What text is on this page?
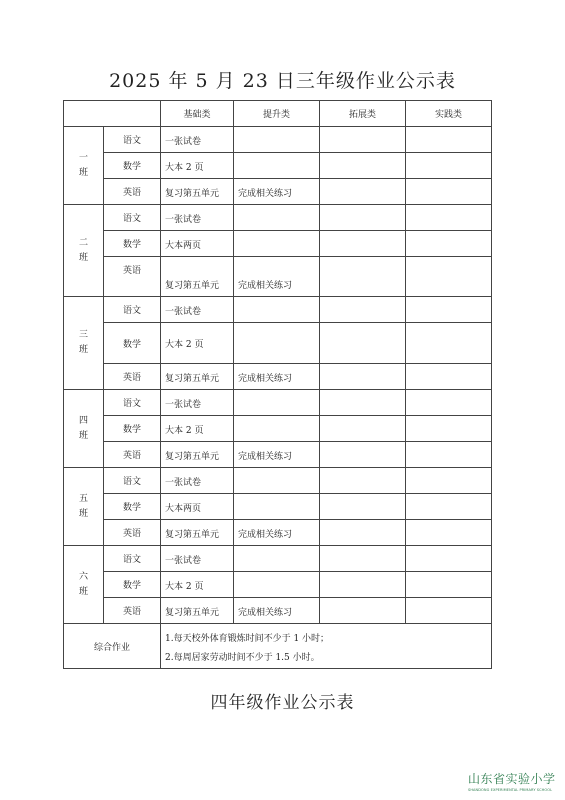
2025 年 5 月 23 日三年级作业公示表
		基础类	提升类	拓展类	实践类

一
班	语文	一张试卷			
	数学	大本 2 页			
	英语	复习第五单元	完成相关练习		

二
班	语文	一张试卷			
	数学	大本两页			
	英语	复习第五单元	完成相关练习		

三
班	语文	一张试卷			
	数学	大本 2 页			
	英语	复习第五单元	完成相关练习		

四
班	语文	一张试卷			
	数学	大本 2 页			
	英语	复习第五单元	完成相关练习		

五
班	语文	一张试卷			
	数学	大本两页			
	英语	复习第五单元	完成相关练习		

六
班	语文	一张试卷			
	数学	大本 2 页			
	英语	复习第五单元	完成相关练习		
综合作业		1.每天校外体育锻炼时间不少于 1 小时；
2.每周居家劳动时间不少于 1.5 小时。			
四年级作业公示表
山东省实验小学
SHANDONG EXPERIMENTAL PRIMARY SCHOOL
